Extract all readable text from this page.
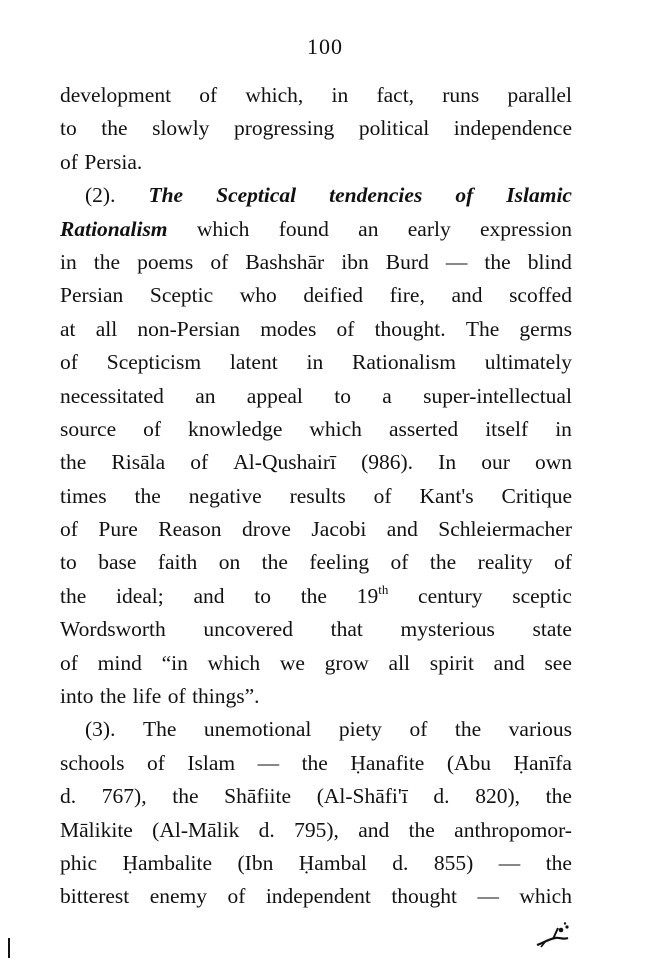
100
development of which, in fact, runs parallel
to the slowly progressing political independence
of Persia.
(2). The Sceptical tendencies of Islamic
Rationalism which found an early expression
in the poems of Bashshār ibn Burd — the blind
Persian Sceptic who deified fire, and scoffed
at all non-Persian modes of thought. The germs
of Scepticism latent in Rationalism ultimately
necessitated an appeal to a super-intellectual
source of knowledge which asserted itself in
the Risāla of Al-Qushairī (986). In our own
times the negative results of Kant's Critique
of Pure Reason drove Jacobi and Schleiermacher
to base faith on the feeling of the reality of
the ideal; and to the 19th century sceptic
Wordsworth uncovered that mysterious state
of mind “in which we grow all spirit and see
into the life of things”.
(3). The unemotional piety of the various
schools of Islam — the Ḥanafite (Abu Ḥanīfa
d. 767), the Shāfiite (Al-Shāfi'ī d. 820), the
Mālikite (Al-Mālik d. 795), and the anthropomor-
phic Ḥambalite (Ibn Ḥambal d. 855) — the
bitterest enemy of independent thought — which
